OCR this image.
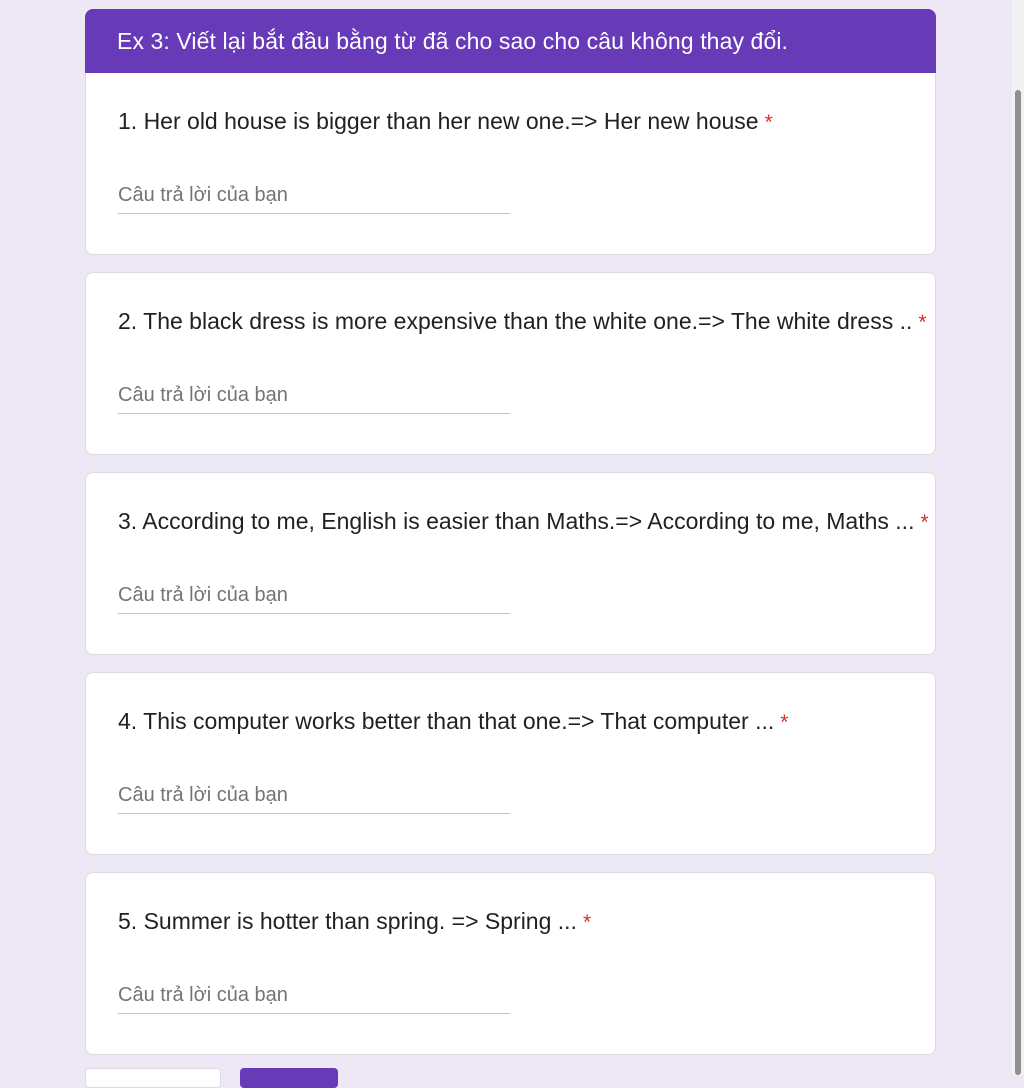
Ex 3: Viết lại bắt đầu bằng từ đã cho sao cho câu không thay đổi.
1. Her old house is bigger than her new one.=> Her new house *
Câu trả lời của bạn
2. The black dress is more expensive than the white one.=> The white dress .. *
Câu trả lời của bạn
3. According to me, English is easier than Maths.=> According to me, Maths ... *
Câu trả lời của bạn
4. This computer works better than that one.=> That computer ... *
Câu trả lời của bạn
5. Summer is hotter than spring. => Spring ... *
Câu trả lời của bạn
